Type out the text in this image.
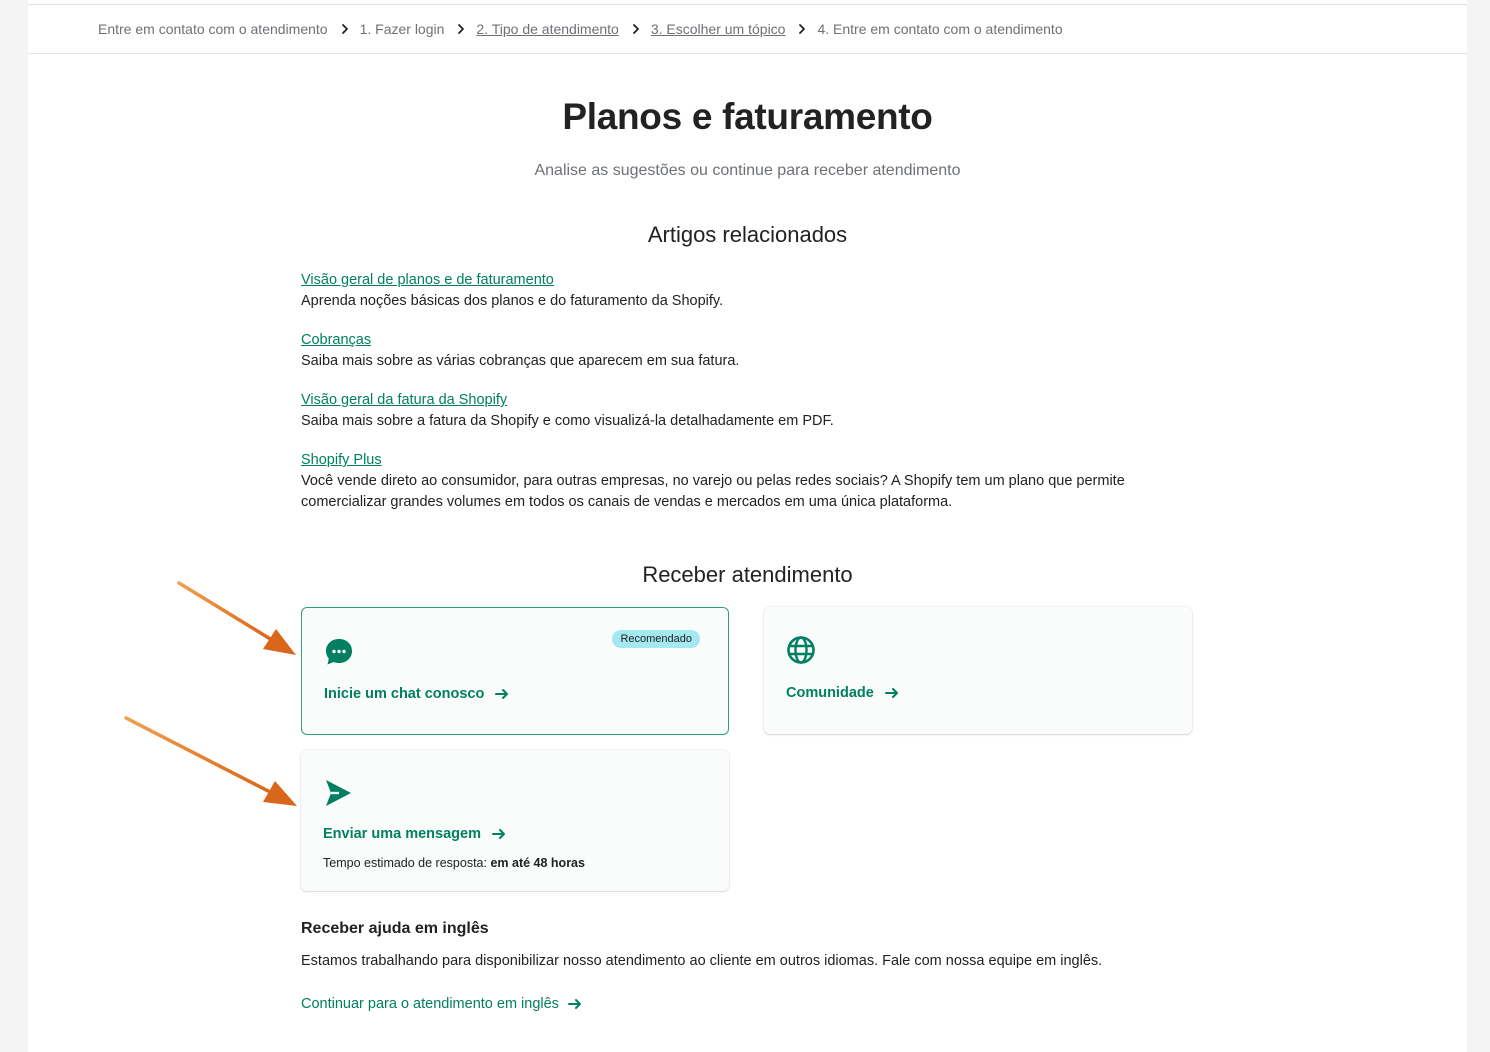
Entre em contato com o atendimento 1. Fazer login 2. Tipo de atendimento 3. Escolher um tópico 4. Entre em contato com o atendimento
Planos e faturamento
Analise as sugestões ou continue para receber atendimento
Artigos relacionados
Visão geral de planos e de faturamento

Aprenda noções básicas dos planos e do faturamento da Shopify.

Cobranças

Saiba mais sobre as várias cobranças que aparecem em sua fatura.

Visão geral da fatura da Shopify

Saiba mais sobre a fatura da Shopify e como visualizá-la detalhadamente em PDF.

Shopify Plus

Você vende direto ao consumidor, para outras empresas, no varejo ou pelas redes sociais? A Shopify tem um plano que permite comercializar grandes volumes em todos os canais de vendas e mercados em uma única plataforma.

Receber atendimento
Recomendado
Inicie um chat conosco	Comunidade
Enviar uma mensagem
Tempo estimado de resposta: em até 48 horas
Receber ajuda em inglês
Estamos trabalhando para disponibilizar nosso atendimento ao cliente em outros idiomas. Fale com nossa equipe em inglês.
Continuar para o atendimento em inglês
